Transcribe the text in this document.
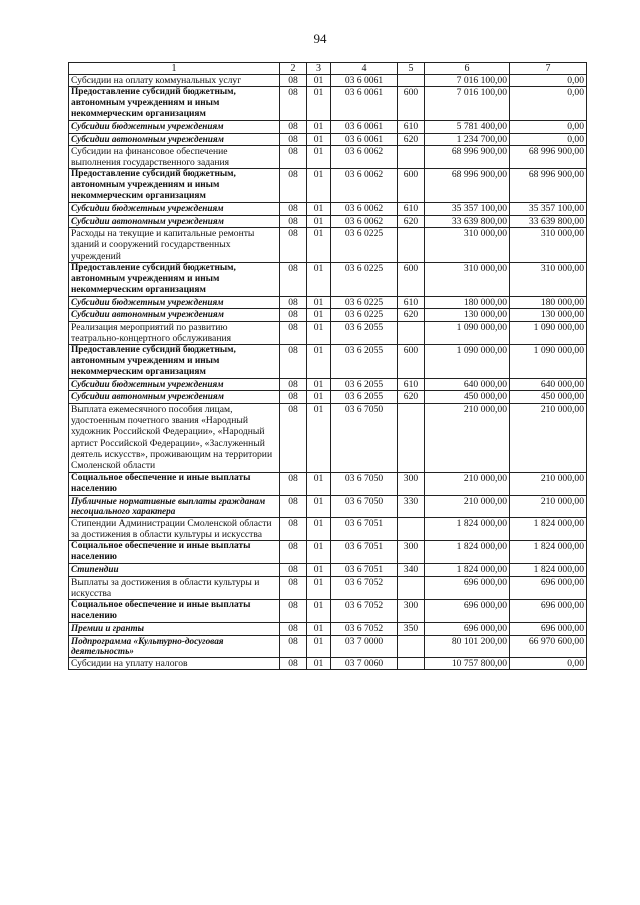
94
1	2	3	4	5	6	7
Субсидии на оплату коммунальных услуг	08	01	03 6 0061		7 016 100,00	0,00
Предоставление субсидий бюджетным, автономным учреждениям и иным некоммерческим организациям	08	01	03 6 0061	600	7 016 100,00	0,00
Субсидии бюджетным учреждениям	08	01	03 6 0061	610	5 781 400,00	0,00
Субсидии автономным учреждениям	08	01	03 6 0061	620	1 234 700,00	0,00
Субсидии на финансовое обеспечение выполнения государственного задания	08	01	03 6 0062		68 996 900,00	68 996 900,00
Предоставление субсидий бюджетным, автономным учреждениям и иным некоммерческим организациям	08	01	03 6 0062	600	68 996 900,00	68 996 900,00
Субсидии бюджетным учреждениям	08	01	03 6 0062	610	35 357 100,00	35 357 100,00
Субсидии автономным учреждениям	08	01	03 6 0062	620	33 639 800,00	33 639 800,00
Расходы на текущие и капитальные ремонты зданий и сооружений государственных учреждений	08	01	03 6 0225		310 000,00	310 000,00
Предоставление субсидий бюджетным, автономным учреждениям и иным некоммерческим организациям	08	01	03 6 0225	600	310 000,00	310 000,00
Субсидии бюджетным учреждениям	08	01	03 6 0225	610	180 000,00	180 000,00
Субсидии автономным учреждениям	08	01	03 6 0225	620	130 000,00	130 000,00
Реализация мероприятий по развитию театрально-концертного обслуживания	08	01	03 6 2055		1 090 000,00	1 090 000,00
Предоставление субсидий бюджетным, автономным учреждениям и иным некоммерческим организациям	08	01	03 6 2055	600	1 090 000,00	1 090 000,00
Субсидии бюджетным учреждениям	08	01	03 6 2055	610	640 000,00	640 000,00
Субсидии автономным учреждениям	08	01	03 6 2055	620	450 000,00	450 000,00
Выплата ежемесячного пособия лицам, удостоенным почетного звания «Народный художник Российской Федерации», «Народный артист Российской Федерации», «Заслуженный деятель искусств», проживающим на территории Смоленской области	08	01	03 6 7050		210 000,00	210 000,00
Социальное обеспечение и иные выплаты населению	08	01	03 6 7050	300	210 000,00	210 000,00
Публичные нормативные выплаты гражданам несоциального характера	08	01	03 6 7050	330	210 000,00	210 000,00
Стипендии Администрации Смоленской области за достижения в области культуры и искусства	08	01	03 6 7051		1 824 000,00	1 824 000,00
Социальное обеспечение и иные выплаты населению	08	01	03 6 7051	300	1 824 000,00	1 824 000,00
Стипендии	08	01	03 6 7051	340	1 824 000,00	1 824 000,00
Выплаты за достижения в области культуры и искусства	08	01	03 6 7052		696 000,00	696 000,00
Социальное обеспечение и иные выплаты населению	08	01	03 6 7052	300	696 000,00	696 000,00
Премии и гранты	08	01	03 6 7052	350	696 000,00	696 000,00
Подпрограмма «Культурно-досуговая деятельность»	08	01	03 7 0000		80 101 200,00	66 970 600,00
Субсидии на уплату налогов	08	01	03 7 0060		10 757 800,00	0,00
